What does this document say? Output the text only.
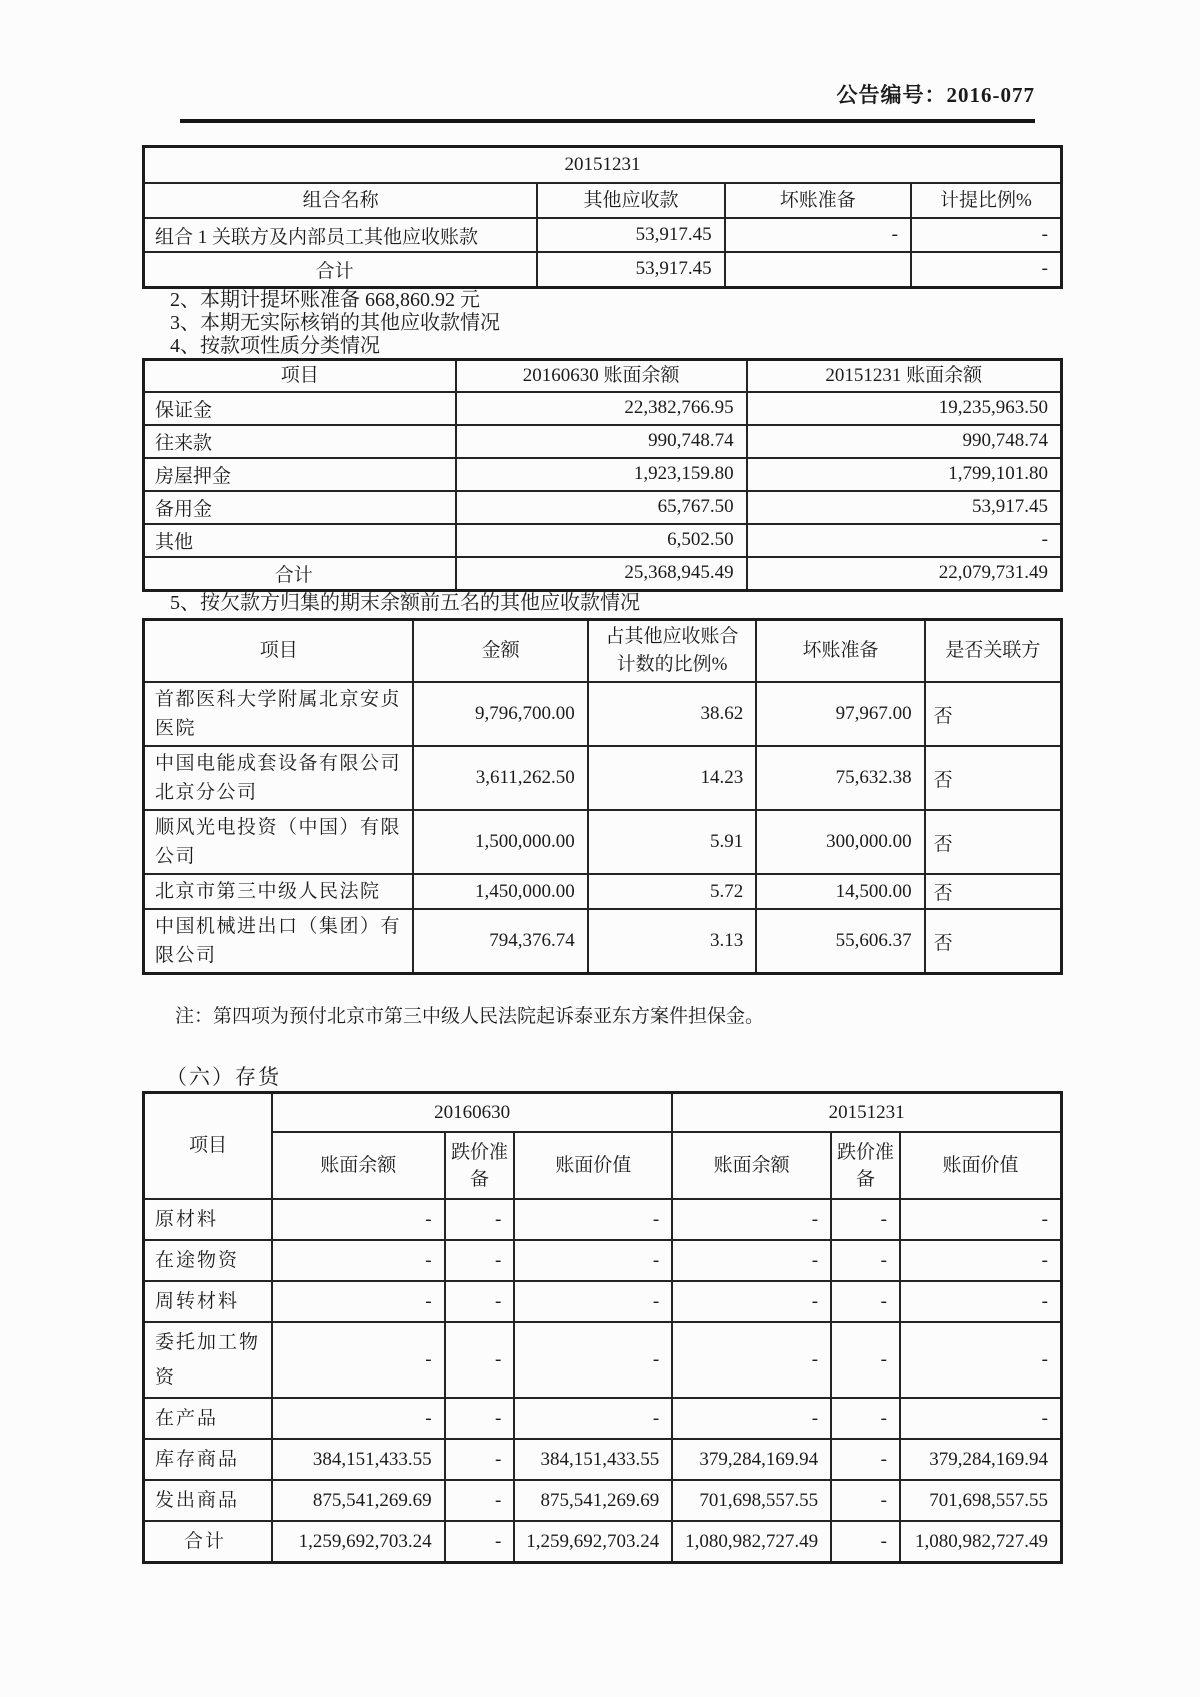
公告编号：2016-077
20151231			
组合名称	其他应收款	坏账准备	计提比例%
组合 1 关联方及内部员工其他应收账款	53,917.45	-	-
合计	53,917.45		-

2、本期计提坏账准备 668,860.92 元

3、本期无实际核销的其他应收款情况

4、按款项性质分类情况

项目	20160630 账面余额	20151231 账面余额
保证金	22,382,766.95	19,235,963.50
往来款	990,748.74	990,748.74
房屋押金	1,923,159.80	1,799,101.80
备用金	65,767.50	53,917.45
其他	6,502.50	-
合计	25,368,945.49	22,079,731.49

5、按欠款方归集的期末余额前五名的其他应收款情况

项目	金额	占其他应收账合计数的比例%	坏账准备	是否关联方
首都医科大学附属北京安贞医院	9,796,700.00	38.62	97,967.00	否
中国电能成套设备有限公司北京分公司	3,611,262.50	14.23	75,632.38	否
顺风光电投资（中国）有限公司	1,500,000.00	5.91	300,000.00	否
北京市第三中级人民法院	1,450,000.00	5.72	14,500.00	否
中国机械进出口（集团）有限公司	794,376.74	3.13	55,606.37	否

注：第四项为预付北京市第三中级人民法院起诉泰亚东方案件担保金。

（六）存货

项目	20160630			20151231		
	账面余额	跌价准备	账面价值	账面余额	跌价准备	账面价值
原材料	-	-	-	-	-	-
在途物资	-	-	-	-	-	-
周转材料	-	-	-	-	-	-
委托加工物资	-	-	-	-	-	-
在产品	-	-	-	-	-	-
库存商品	384,151,433.55	-	384,151,433.55	379,284,169.94	-	379,284,169.94
发出商品	875,541,269.69	-	875,541,269.69	701,698,557.55	-	701,698,557.55
合计	1,259,692,703.24	-	1,259,692,703.24	1,080,982,727.49	-	1,080,982,727.49
